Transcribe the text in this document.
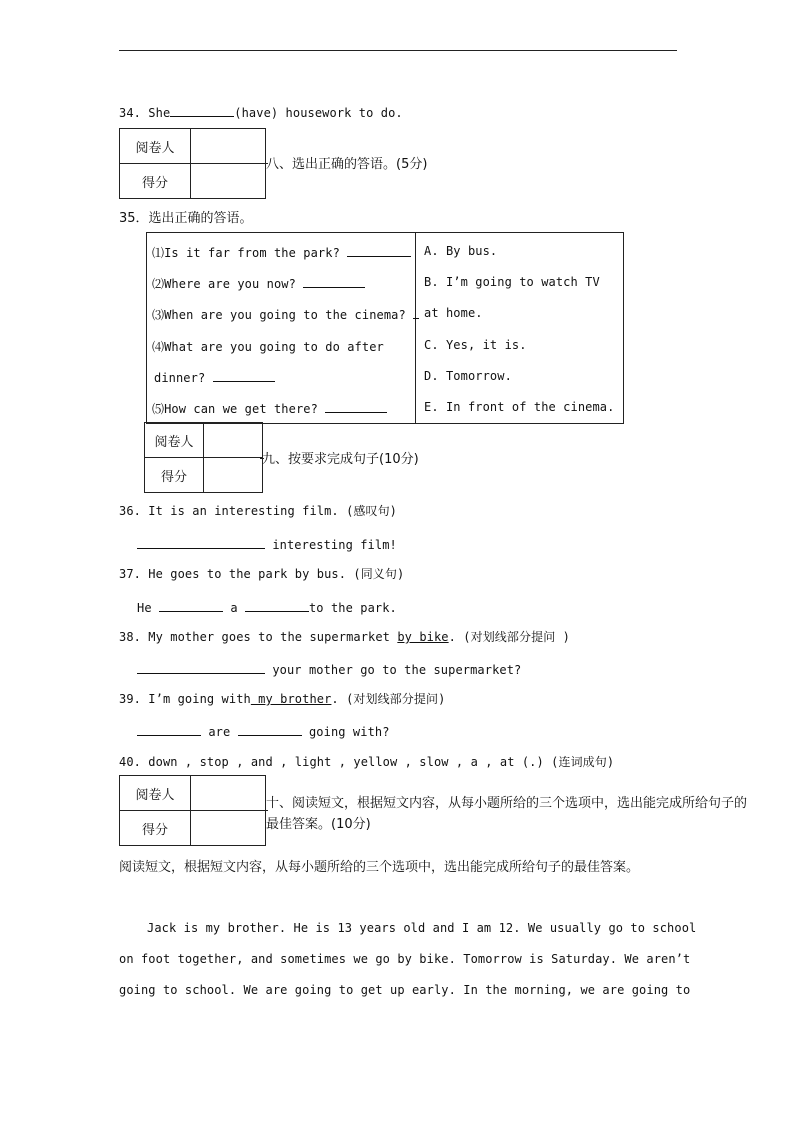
34. She	(have) housework to do.
阅卷人	
得分	
八、选出正确的答语。(5分)
35．选出正确的答语。
⑴Is it far from the park?
⑵Where are you now?
⑶When are you going to the cinema?
⑷What are you going to do after
dinner?
⑸How can we get there?
A. By bus.
B. I’m going to watch TV
at home.
C. Yes, it is.
D. Tomorrow.
E. In front of the cinema.
阅卷人	
得分	
九、按要求完成句子(10分)
36. It is an interesting film. (感叹句)
interesting film!
37. He goes to the park by bus. (同义句)
He	a	to the park.
38. My mother goes to the supermarket by bike. (对划线部分提问 )
your mother go to the supermarket?
39. I’m going with my brother. (对划线部分提问)
are	going with?
40. down , stop , and , light , yellow , slow , a , at (.) (连词成句)
阅卷人	
得分	
十、阅读短文，根据短文内容，从每小题所给的三个选项中，选出能完成所给句子的
最佳答案。(10分)
阅读短文，根据短文内容，从每小题所给的三个选项中，选出能完成所给句子的最佳答案。
Jack is my brother. He is 13 years old and I am 12. We usually go to school
on foot together, and sometimes we go by bike. Tomorrow is Saturday. We aren’t
going to school. We are going to get up early. In the morning, we are going to
